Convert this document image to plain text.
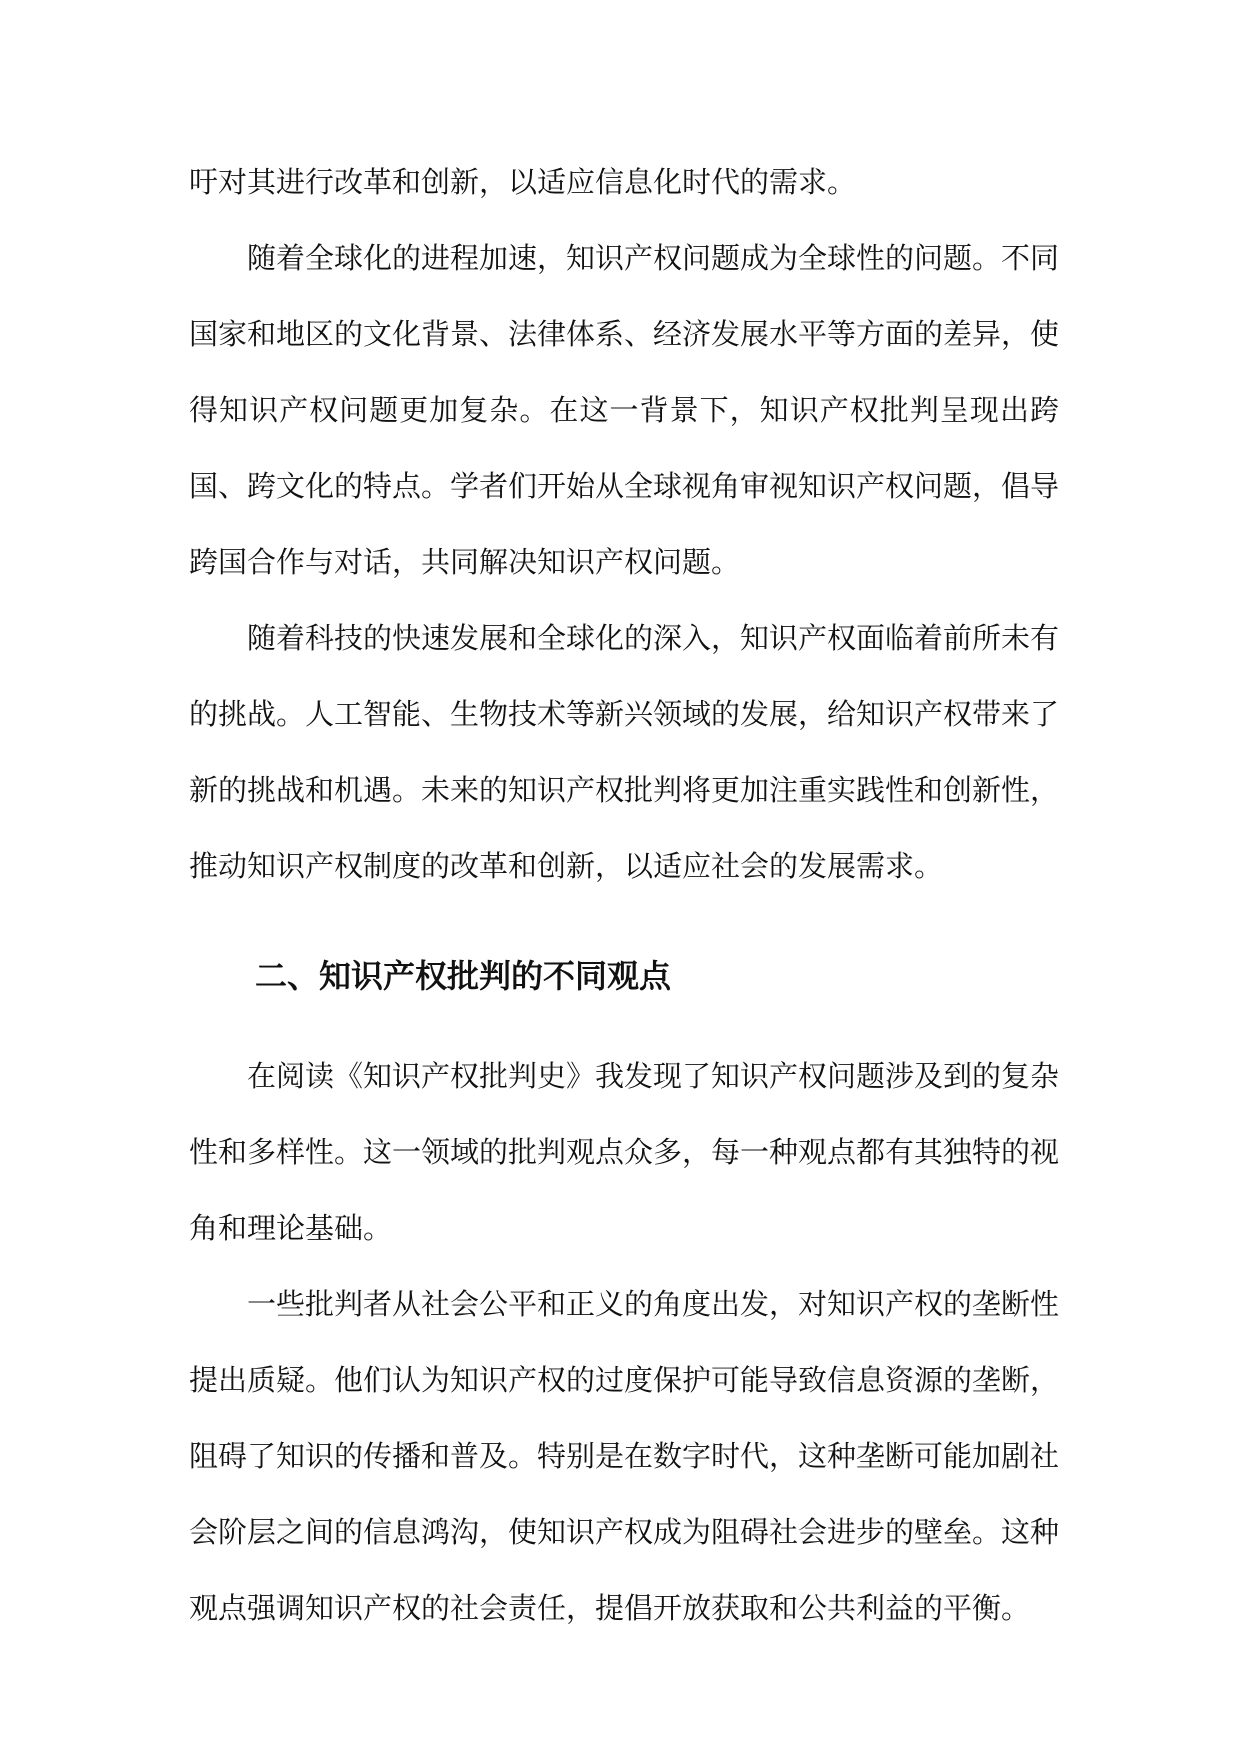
吁对其进行改革和创新，以适应信息化时代的需求。

随着全球化的进程加速，知识产权问题成为全球性的问题。不同国家和地区的文化背景、法律体系、经济发展水平等方面的差异，使得知识产权问题更加复杂。在这一背景下，知识产权批判呈现出跨国、跨文化的特点。学者们开始从全球视角审视知识产权问题，倡导跨国合作与对话，共同解决知识产权问题。

随着科技的快速发展和全球化的深入，知识产权面临着前所未有的挑战。人工智能、生物技术等新兴领域的发展，给知识产权带来了新的挑战和机遇。未来的知识产权批判将更加注重实践性和创新性，推动知识产权制度的改革和创新，以适应社会的发展需求。

二、知识产权批判的不同观点

在阅读《知识产权批判史》我发现了知识产权问题涉及到的复杂性和多样性。这一领域的批判观点众多，每一种观点都有其独特的视角和理论基础。

一些批判者从社会公平和正义的角度出发，对知识产权的垄断性提出质疑。他们认为知识产权的过度保护可能导致信息资源的垄断，阻碍了知识的传播和普及。特别是在数字时代，这种垄断可能加剧社会阶层之间的信息鸿沟，使知识产权成为阻碍社会进步的壁垒。这种观点强调知识产权的社会责任，提倡开放获取和公共利益的平衡。
